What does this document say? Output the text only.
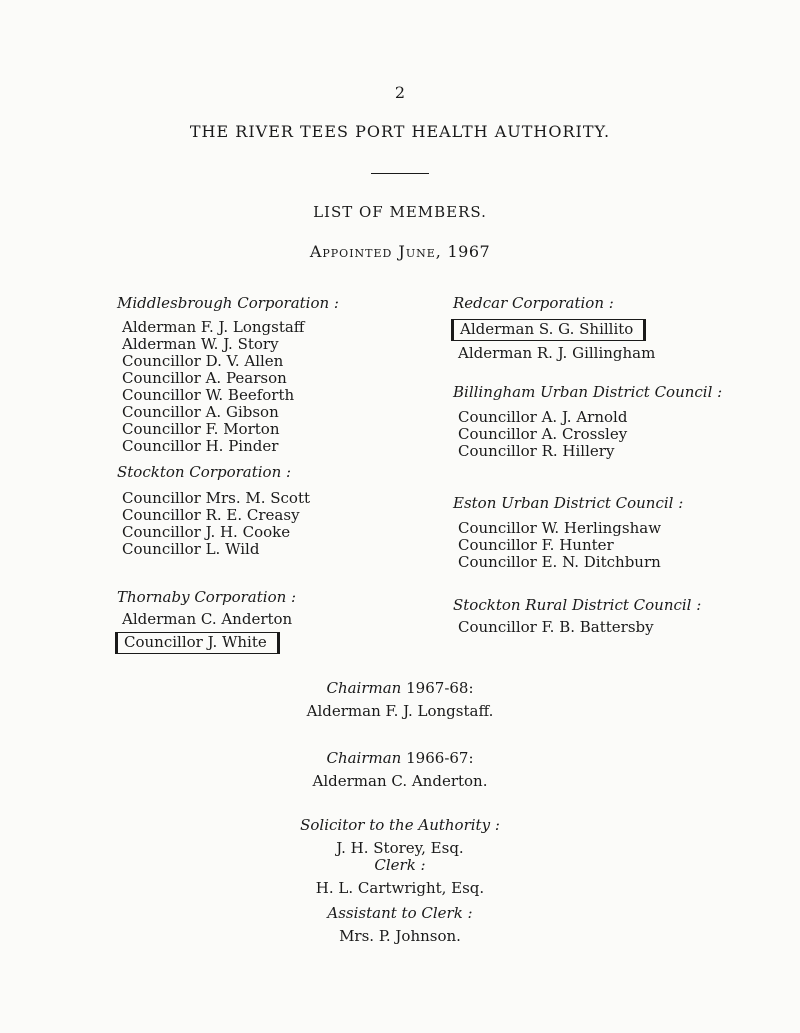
2
THE RIVER TEES PORT HEALTH AUTHORITY.
LIST OF MEMBERS.
Appointed June, 1967
Middlesbrough Corporation :
Alderman F. J. Longstaff
Alderman W. J. Story
Councillor D. V. Allen
Councillor A. Pearson
Councillor W. Beeforth
Councillor A. Gibson
Councillor F. Morton
Councillor H. Pinder
Stockton Corporation :
Councillor Mrs. M. Scott
Councillor R. E. Creasy
Councillor J. H. Cooke
Councillor L. Wild
Thornaby Corporation :
Alderman C. Anderton
Councillor J. White
Redcar Corporation :
Alderman S. G. Shillito
Alderman R. J. Gillingham
Billingham Urban District Council :
Councillor A. J. Arnold
Councillor A. Crossley
Councillor R. Hillery
Eston Urban District Council :
Councillor W. Herlingshaw
Councillor F. Hunter
Councillor E. N. Ditchburn
Stockton Rural District Council :
Councillor F. B. Battersby
Chairman 1967-68:
Alderman F. J. Longstaff.
Chairman 1966-67:
Alderman C. Anderton.
Solicitor to the Authority :
J. H. Storey, Esq.
Clerk :
H. L. Cartwright, Esq.
Assistant to Clerk :
Mrs. P. Johnson.
